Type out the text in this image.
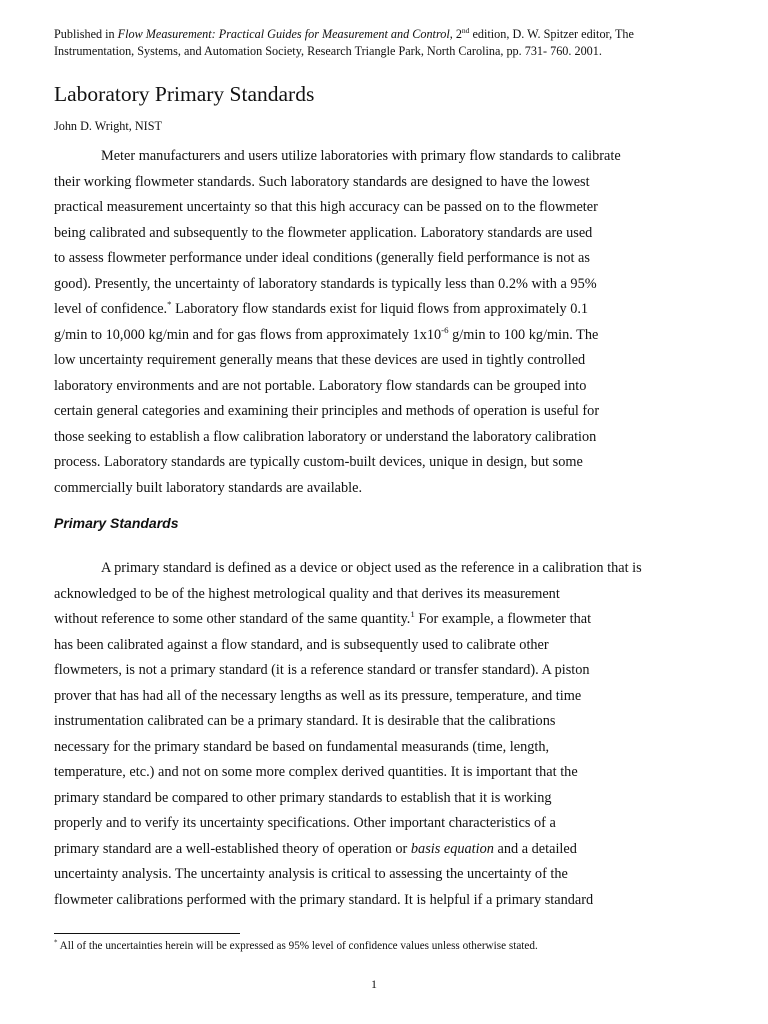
Published in Flow Measurement: Practical Guides for Measurement and Control, 2nd edition, D. W. Spitzer editor, The
Instrumentation, Systems, and Automation Society, Research Triangle Park, North Carolina, pp. 731- 760. 2001.
Laboratory Primary Standards
John D. Wright, NIST

Meter manufacturers and users utilize laboratories with primary flow standards to calibrate
their working flowmeter standards. Such laboratory standards are designed to have the lowest
practical measurement uncertainty so that this high accuracy can be passed on to the flowmeter
being calibrated and subsequently to the flowmeter application. Laboratory standards are used
to assess flowmeter performance under ideal conditions (generally field performance is not as
good). Presently, the uncertainty of laboratory standards is typically less than 0.2% with a 95%
level of confidence.* Laboratory flow standards exist for liquid flows from approximately 0.1
g/min to 10,000 kg/min and for gas flows from approximately $1x10^{-6}$ g/min to 100 kg/min. The
low uncertainty requirement generally means that these devices are used in tightly controlled
laboratory environments and are not portable. Laboratory flow standards can be grouped into
certain general categories and examining their principles and methods of operation is useful for
those seeking to establish a flow calibration laboratory or understand the laboratory calibration
process. Laboratory standards are typically custom-built devices, unique in design, but some
commercially built laboratory standards are available.

Primary Standards

A primary standard is defined as a device or object used as the reference in a calibration that is
acknowledged to be of the highest metrological quality and that derives its measurement
without reference to some other standard of the same quantity.$^1$ For example, a flowmeter that
has been calibrated against a flow standard, and is subsequently used to calibrate other
flowmeters, is not a primary standard (it is a reference standard or transfer standard). A piston
prover that has had all of the necessary lengths as well as its pressure, temperature, and time
instrumentation calibrated can be a primary standard. It is desirable that the calibrations
necessary for the primary standard be based on fundamental measurands (time, length,
temperature, etc.) and not on some more complex derived quantities. It is important that the
primary standard be compared to other primary standards to establish that it is working
properly and to verify its uncertainty specifications. Other important characteristics of a
primary standard are a well-established theory of operation or basis equation and a detailed
uncertainty analysis. The uncertainty analysis is critical to assessing the uncertainty of the
flowmeter calibrations performed with the primary standard. It is helpful if a primary standard

* All of the uncertainties herein will be expressed as 95% level of confidence values unless otherwise stated.
1
